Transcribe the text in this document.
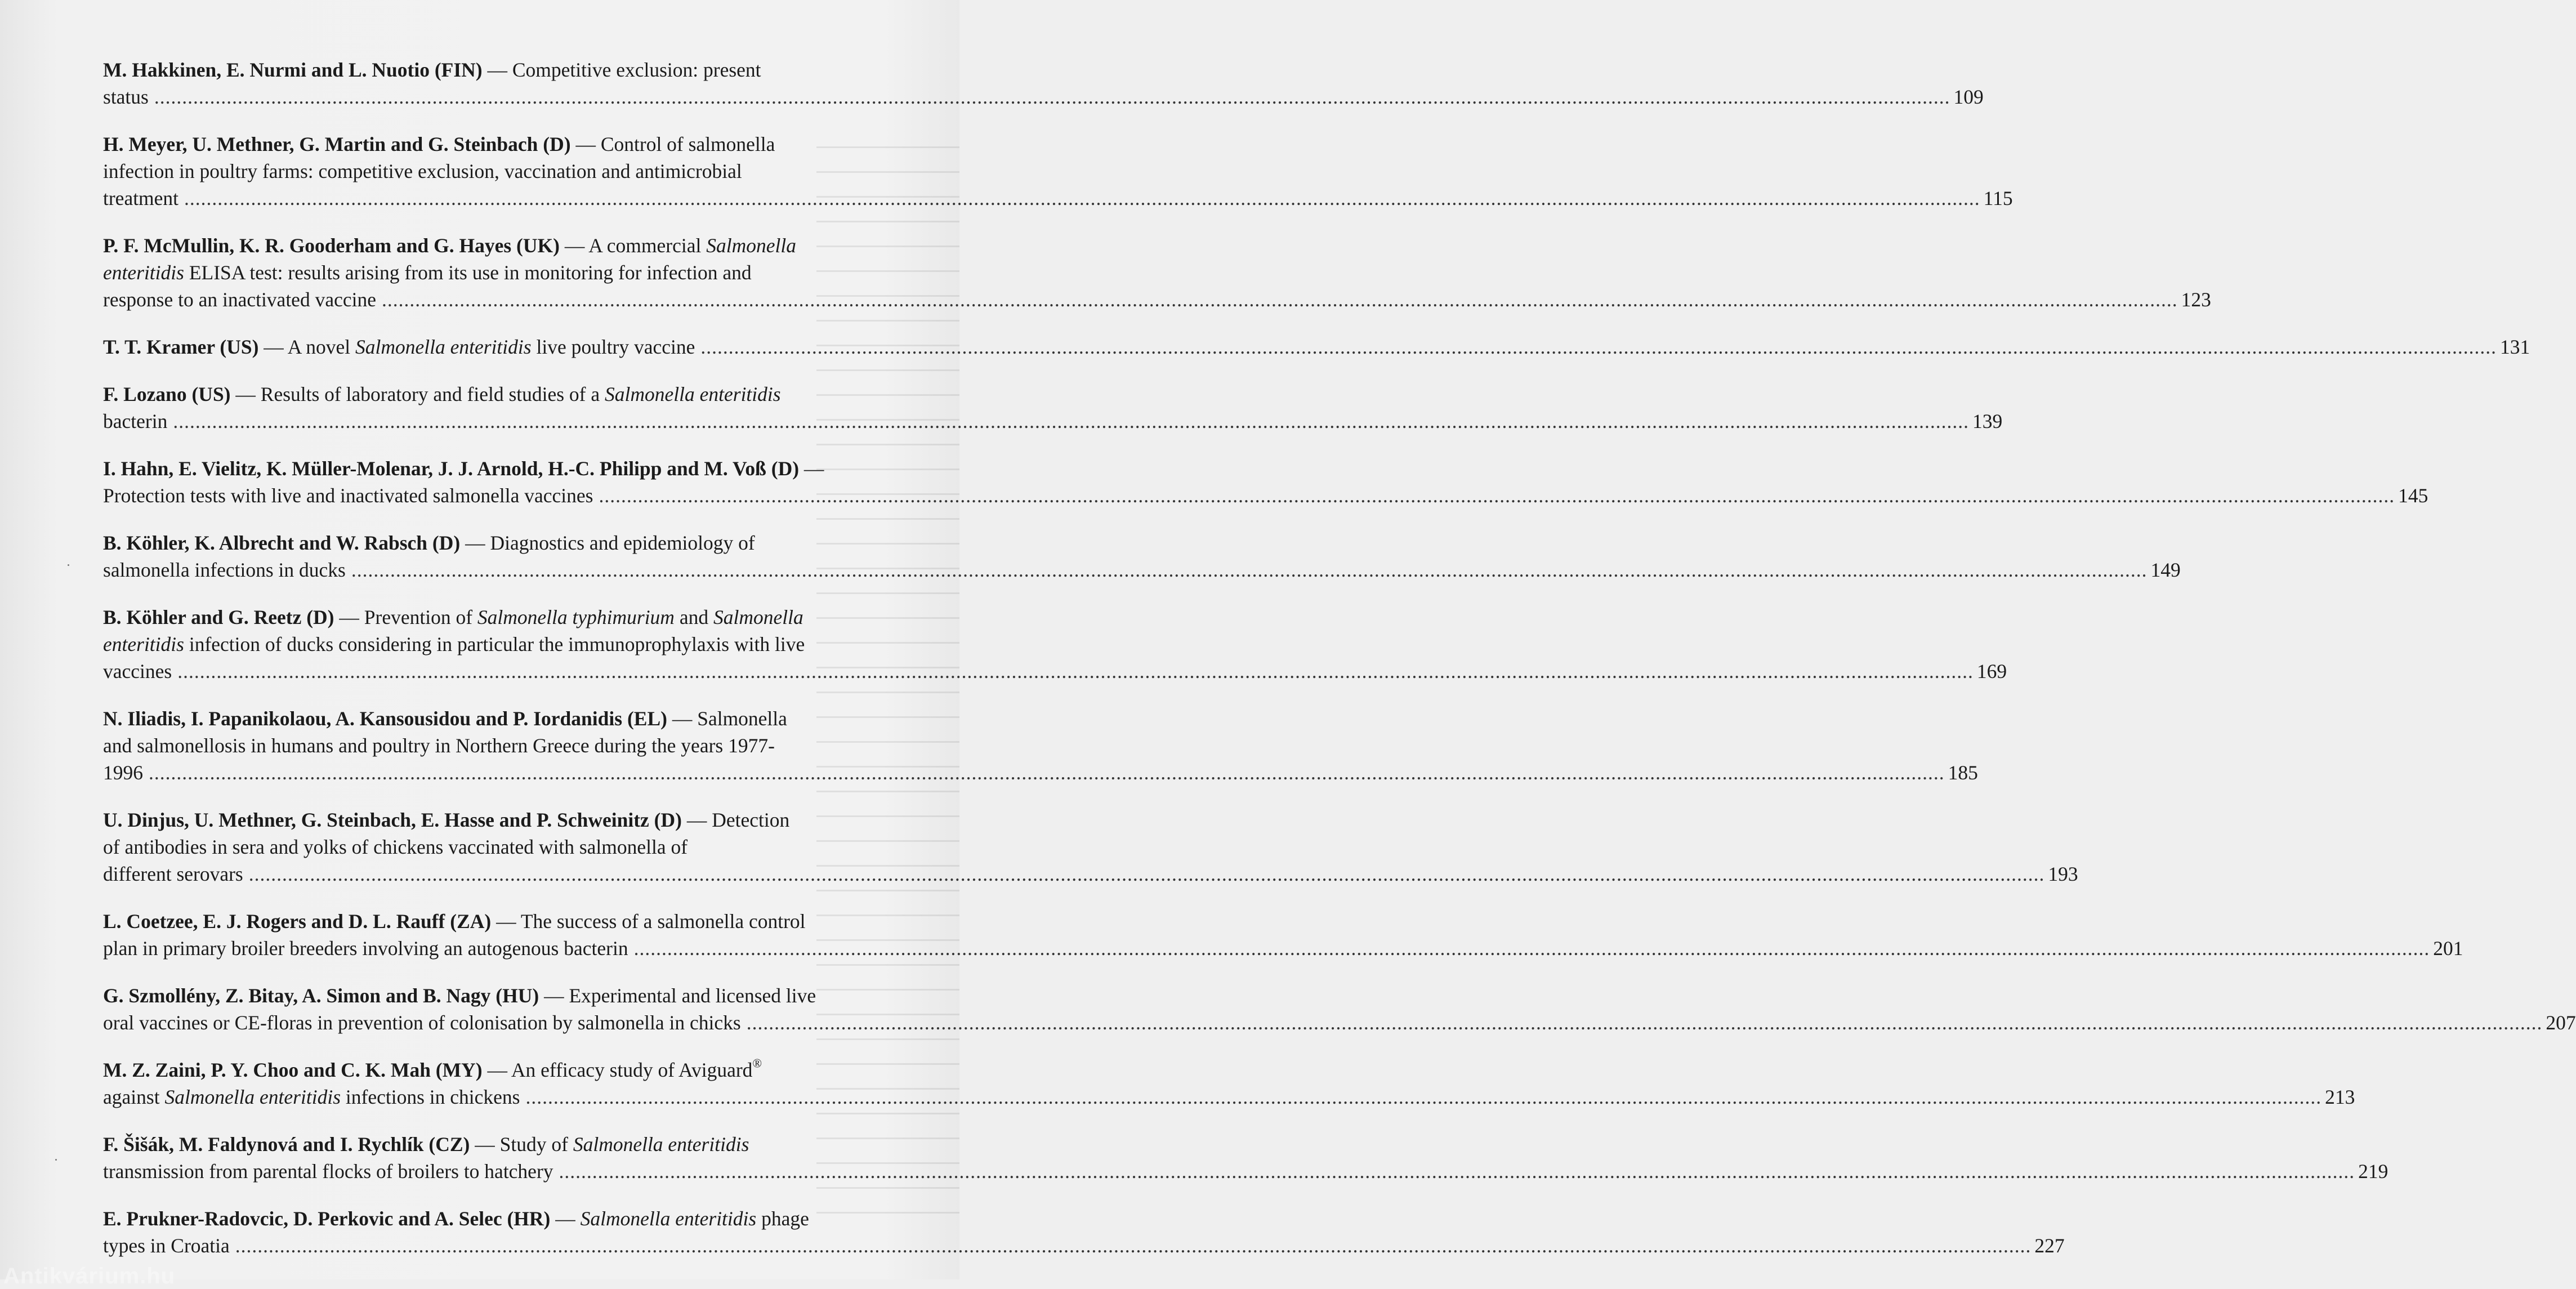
M. Hakkinen, E. Nurmi and L. Nuotio (FIN) — Competitive exclusion: present
status ................................................................................................................................................................................................................................................................................................................................... 109
H. Meyer, U. Methner, G. Martin and G. Steinbach (D) — Control of salmonella
infection in poultry farms: competitive exclusion, vaccination and antimicrobial
treatment ................................................................................................................................................................................................................................................................................................................................... 115
P. F. McMullin, K. R. Gooderham and G. Hayes (UK) — A commercial Salmonella
enteritidis ELISA test: results arising from its use in monitoring for infection and
response to an inactivated vaccine ................................................................................................................................................................................................................................................................................................................................... 123
T. T. Kramer (US) — A novel Salmonella enteritidis live poultry vaccine ................................................................................................................................................................................................................................................................................................................................... 131
F. Lozano (US) — Results of laboratory and field studies of a Salmonella enteritidis
bacterin ................................................................................................................................................................................................................................................................................................................................... 139
I. Hahn, E. Vielitz, K. Müller-Molenar, J. J. Arnold, H.-C. Philipp and M. Voß (D) —
Protection tests with live and inactivated salmonella vaccines ................................................................................................................................................................................................................................................................................................................................... 145
B. Köhler, K. Albrecht and W. Rabsch (D) — Diagnostics and epidemiology of
salmonella infections in ducks ................................................................................................................................................................................................................................................................................................................................... 149
B. Köhler and G. Reetz (D) — Prevention of Salmonella typhimurium and Salmonella
enteritidis infection of ducks considering in particular the immunoprophylaxis with live
vaccines ................................................................................................................................................................................................................................................................................................................................... 169
N. Iliadis, I. Papanikolaou, A. Kansousidou and P. Iordanidis (EL) — Salmonella
and salmonellosis in humans and poultry in Northern Greece during the years 1977-
1996 ................................................................................................................................................................................................................................................................................................................................... 185
U. Dinjus, U. Methner, G. Steinbach, E. Hasse and P. Schweinitz (D) — Detection
of antibodies in sera and yolks of chickens vaccinated with salmonella of
different serovars ................................................................................................................................................................................................................................................................................................................................... 193
L. Coetzee, E. J. Rogers and D. L. Rauff (ZA) — The success of a salmonella control
plan in primary broiler breeders involving an autogenous bacterin ................................................................................................................................................................................................................................................................................................................................... 201
G. Szmollény, Z. Bitay, A. Simon and B. Nagy (HU) — Experimental and licensed live
oral vaccines or CE-floras in prevention of colonisation by salmonella in chicks ................................................................................................................................................................................................................................................................................................................................... 207
M. Z. Zaini, P. Y. Choo and C. K. Mah (MY) — An efficacy study of Aviguard®
against Salmonella enteritidis infections in chickens ................................................................................................................................................................................................................................................................................................................................... 213
F. Šišák, M. Faldynová and I. Rychlík (CZ) — Study of Salmonella enteritidis
transmission from parental flocks of broilers to hatchery ................................................................................................................................................................................................................................................................................................................................... 219
E. Prukner-Radovcic, D. Perkovic and A. Selec (HR) — Salmonella enteritidis phage
types in Croatia ................................................................................................................................................................................................................................................................................................................................... 227
Antikvárium.hu
